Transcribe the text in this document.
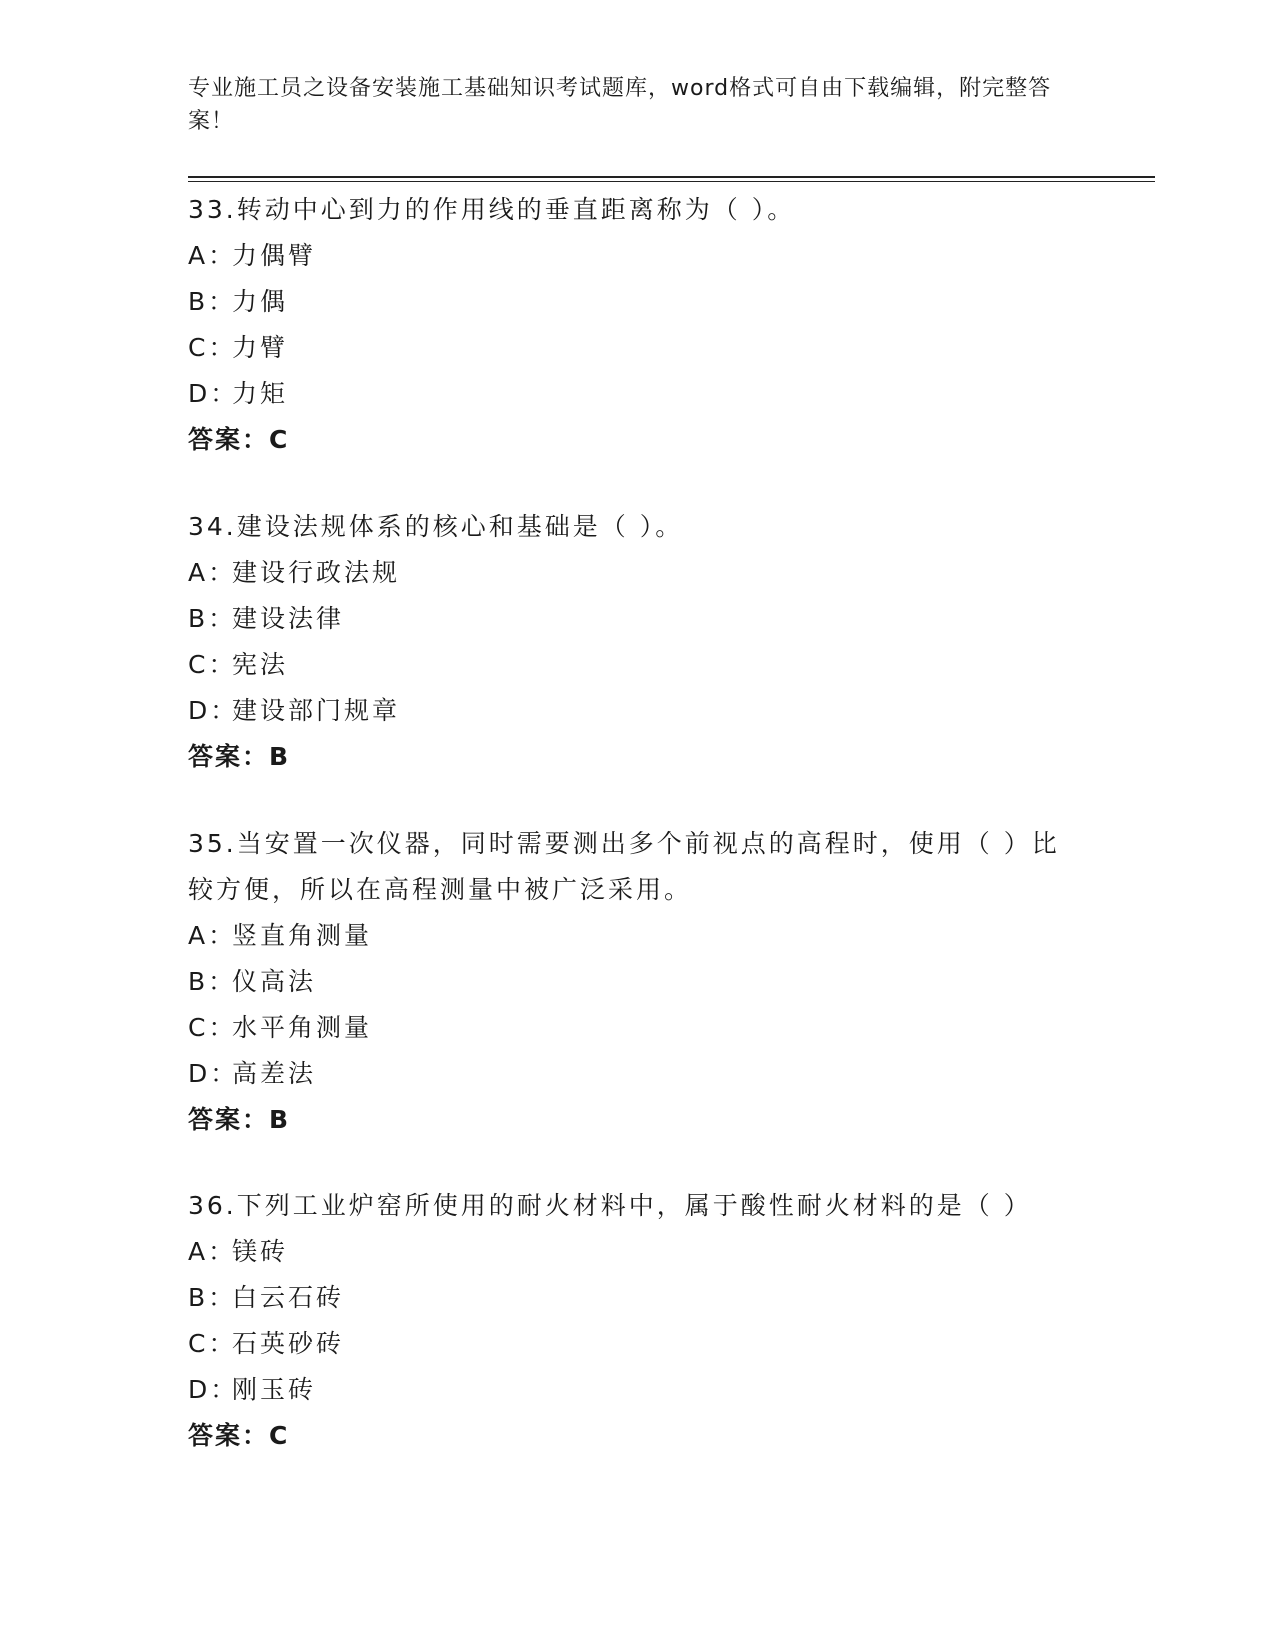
专业施工员之设备安装施工基础知识考试题库，word格式可自由下载编辑，附完整答案！
33.转动中心到力的作用线的垂直距离称为（ ）。
A：
力偶臂
B：
力偶
C：
力臂
D：
力矩
答案：C
34.建设法规体系的核心和基础是（ ）。
A：
建设行政法规
B：
建设法律
C：
宪法
D：
建设部门规章
答案：B
35.当安置一次仪器，同时需要测出多个前视点的高程时，使用（ ）比较方便，所以在高程测量中被广泛采用。
A：
竖直角测量
B：
仪高法
C：
水平角测量
D：
高差法
答案：B
36.下列工业炉窑所使用的耐火材料中，属于酸性耐火材料的是（ ）
A：
镁砖
B：
白云石砖
C：
石英砂砖
D：
刚玉砖
答案：C
